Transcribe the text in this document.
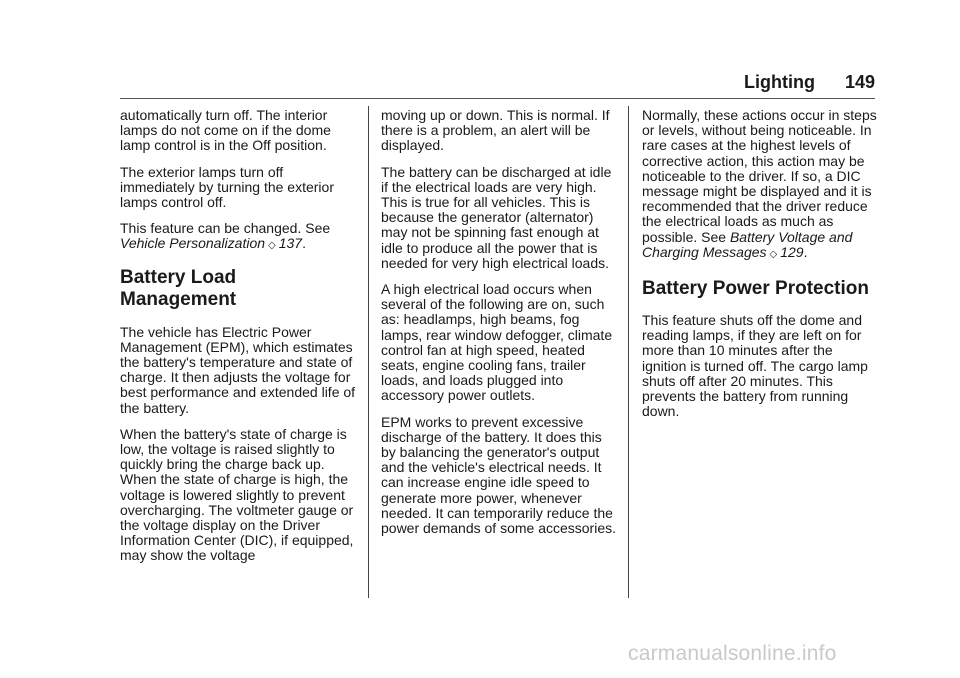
Lighting 149

automatically turn off. The interior lamps do not come on if the dome lamp control is in the Off position.

The exterior lamps turn off immediately by turning the exterior lamps control off.

This feature can be changed. See Vehicle Personalization ◇ 137.

Battery Load
Management

The vehicle has Electric Power Management (EPM), which estimates the battery's temperature and state of charge. It then adjusts the voltage for best performance and extended life of the battery.

When the battery's state of charge is low, the voltage is raised slightly to quickly bring the charge back up. When the state of charge is high, the voltage is lowered slightly to prevent overcharging. The voltmeter gauge or the voltage display on the Driver Information Center (DIC), if equipped, may show the voltage

moving up or down. This is normal. If there is a problem, an alert will be displayed.

The battery can be discharged at idle if the electrical loads are very high. This is true for all vehicles. This is because the generator (alternator) may not be spinning fast enough at idle to produce all the power that is needed for very high electrical loads.

A high electrical load occurs when several of the following are on, such as: headlamps, high beams, fog lamps, rear window defogger, climate control fan at high speed, heated seats, engine cooling fans, trailer loads, and loads plugged into accessory power outlets.

EPM works to prevent excessive discharge of the battery. It does this by balancing the generator's output and the vehicle's electrical needs. It can increase engine idle speed to generate more power, whenever needed. It can temporarily reduce the power demands of some accessories.

Normally, these actions occur in steps or levels, without being noticeable. In rare cases at the highest levels of corrective action, this action may be noticeable to the driver. If so, a DIC message might be displayed and it is recommended that the driver reduce the electrical loads as much as possible. See Battery Voltage and Charging Messages ◇ 129.

Battery Power Protection

This feature shuts off the dome and reading lamps, if they are left on for more than 10 minutes after the ignition is turned off. The cargo lamp shuts off after 20 minutes. This prevents the battery from running down.

carmanualsonline.info
